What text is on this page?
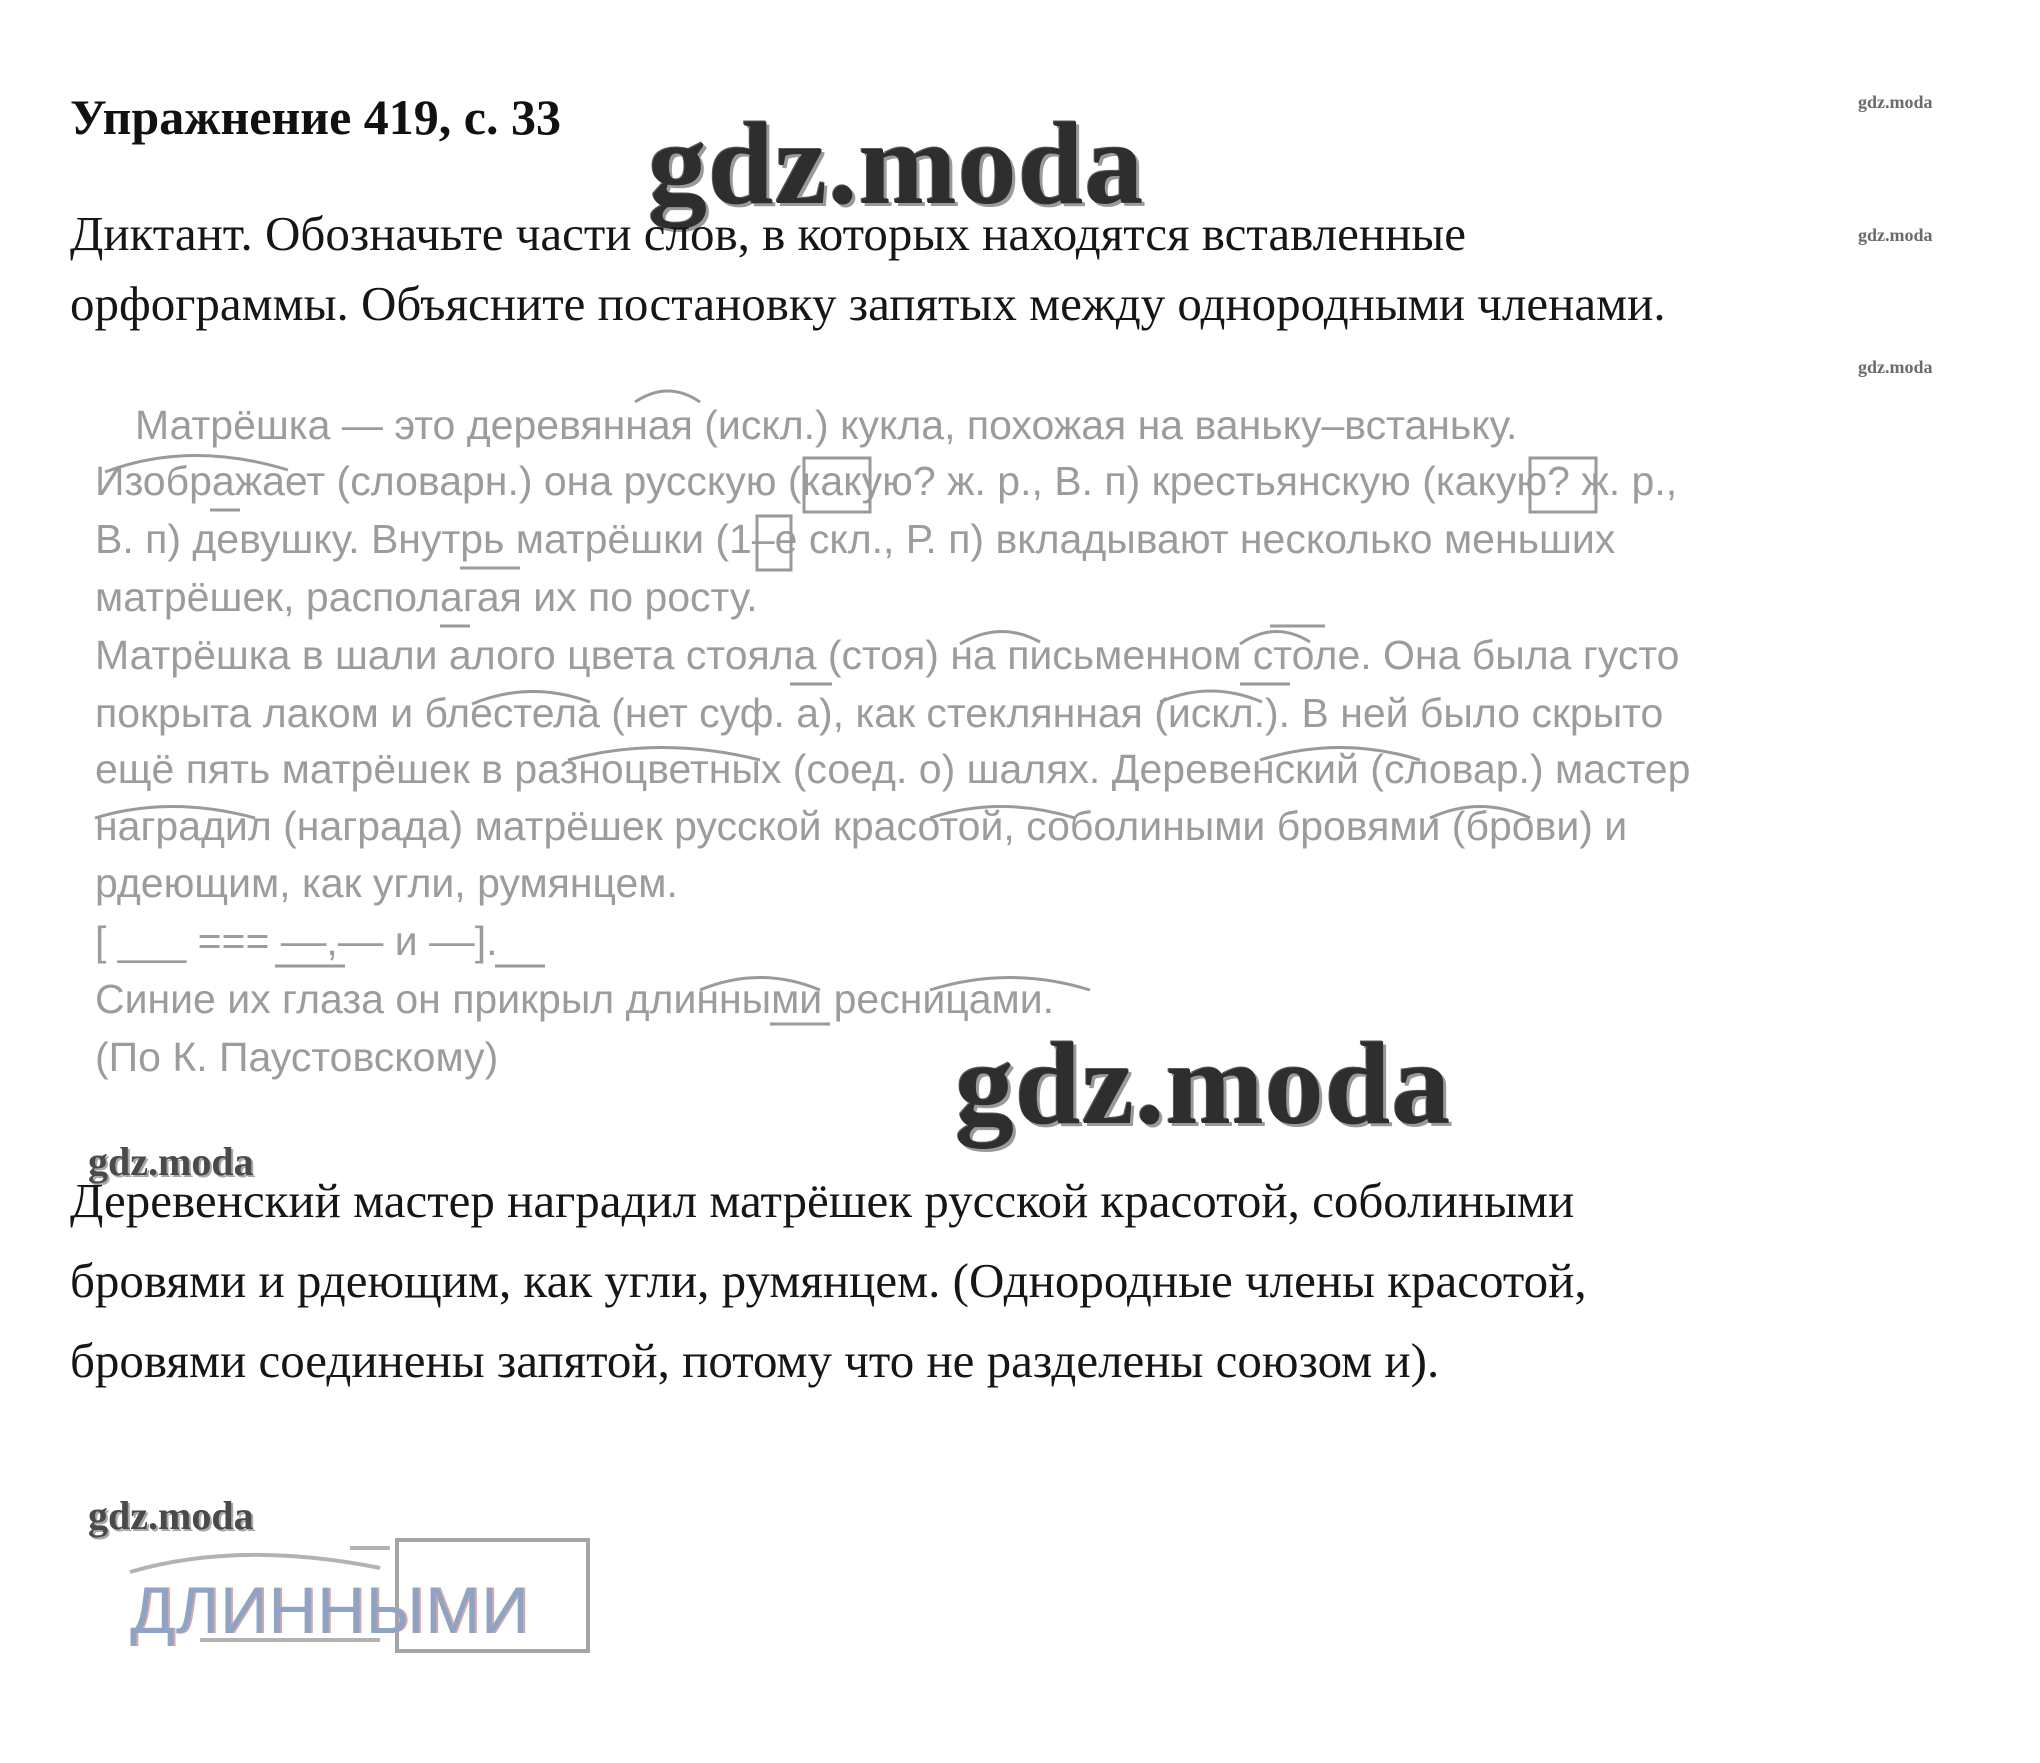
Упражнение 419, с. 33 gdz.moda
gdz.moda
gdz.moda
gdz.moda
gdz.moda
Диктант. Обозначьте части слов, в которых находятся вставленные
орфограммы. Объясните постановку запятых между однородными членами.
Матрёшка — это деревянная (искл.) кукла, похожая на ваньку–встаньку.
Изображает (словарн.) она русскую (какую? ж. р., В. п) крестьянскую (какую? ж. р.,
В. п) девушку. Внутрь матрёшки (1–е скл., Р. п) вкладывают несколько меньших
матрёшек, располагая их по росту.
Матрёшка в шали алого цвета стояла (стоя) на письменном столе. Она была густо
покрыта лаком и блестела (нет суф. а), как стеклянная (искл.). В ней было скрыто
ещё пять матрёшек в разноцветных (соед. о) шалях. Деревенский (словар.) мастер
наградил (награда) матрёшек русской красотой, соболиными бровями (брови) и
рдеющим, как угли, румянцем.
[ ___ === ‒‒,‒‒ и ‒‒].
Синие их глаза он прикрыл длинными ресницами.
(По К. Паустовскому)
gdz.moda
Деревенский мастер наградил матрёшек русской красотой, соболиными
бровями и рдеющим, как угли, румянцем. (Однородные члены красотой,
бровями соединены запятой, потому что не разделены союзом и).
gdz.moda
ДЛИННЫМИ
